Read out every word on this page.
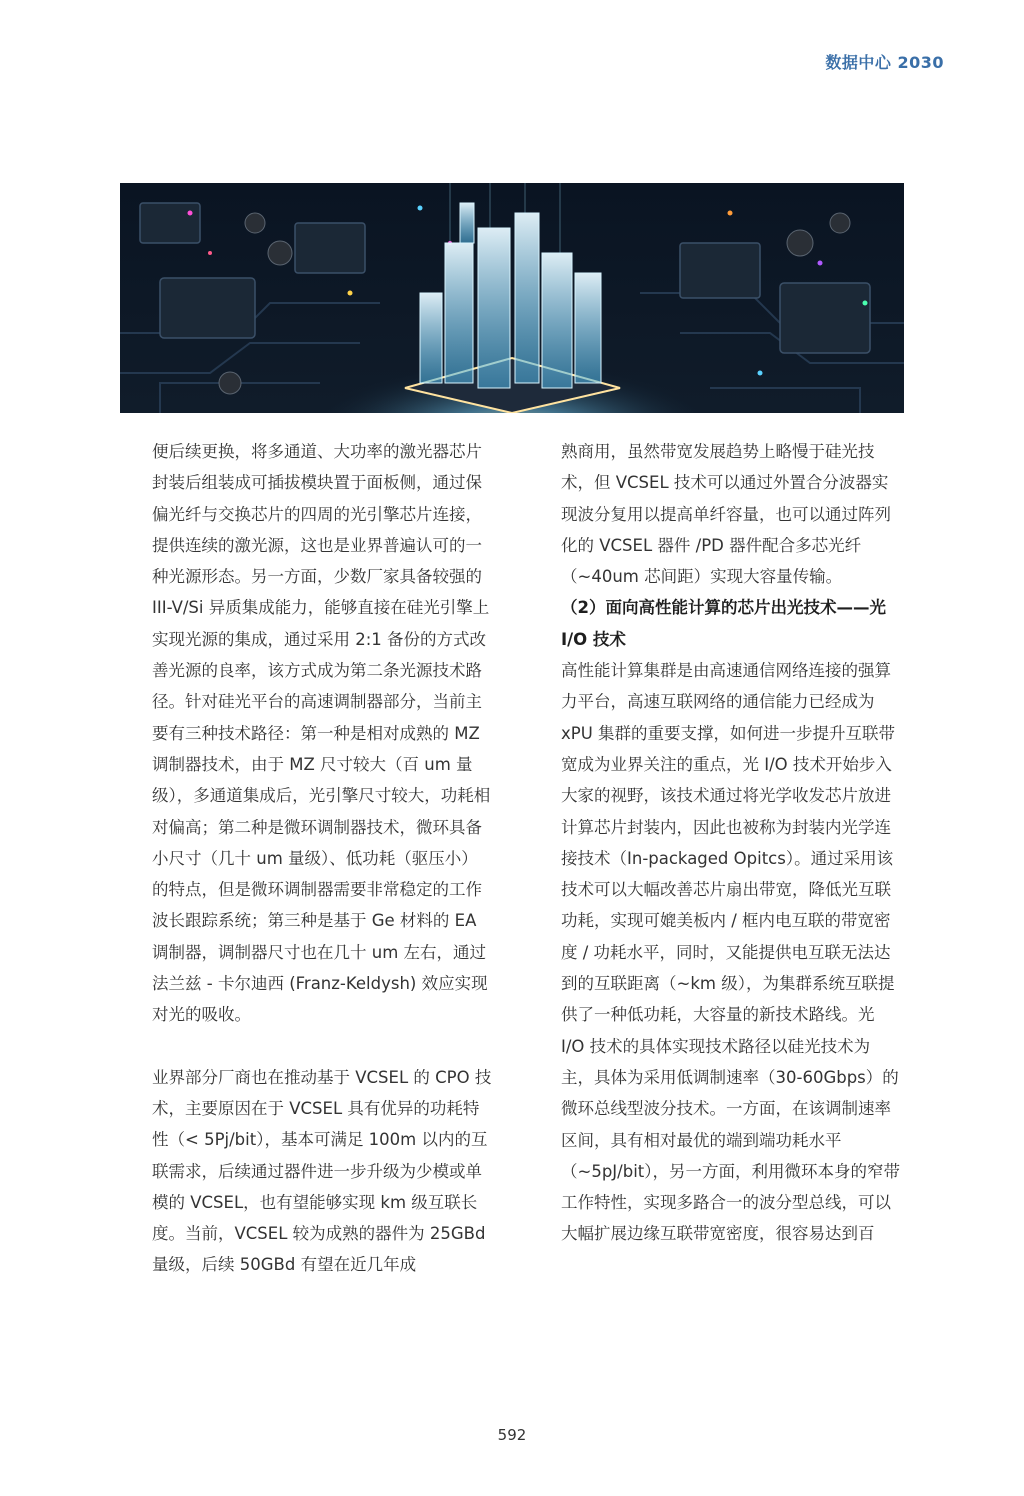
数据中心 2030

便后续更换，将多通道、大功率的激光器芯片封装后组装成可插拔模块置于面板侧，通过保偏光纤与交换芯片的四周的光引擎芯片连接，提供连续的激光源，这也是业界普遍认可的一种光源形态。另一方面，少数厂家具备较强的 III-V/Si 异质集成能力，能够直接在硅光引擎上实现光源的集成，通过采用 2:1 备份的方式改善光源的良率，该方式成为第二条光源技术路径。针对硅光平台的高速调制器部分，当前主要有三种技术路径：第一种是相对成熟的 MZ 调制器技术，由于 MZ 尺寸较大（百 um 量级），多通道集成后，光引擎尺寸较大，功耗相对偏高；第二种是微环调制器技术，微环具备小尺寸（几十 um 量级）、低功耗（驱压小）的特点，但是微环调制器需要非常稳定的工作波长跟踪系统；第三种是基于 Ge 材料的 EA 调制器，调制器尺寸也在几十 um 左右，通过法兰兹 - 卡尔迪西 (Franz-Keldysh) 效应实现对光的吸收。

业界部分厂商也在推动基于 VCSEL 的 CPO 技术，主要原因在于 VCSEL 具有优异的功耗特性（< 5Pj/bit），基本可满足 100m 以内的互联需求，后续通过器件进一步升级为少模或单模的 VCSEL，也有望能够实现 km 级互联长度。当前，VCSEL 较为成熟的器件为 25GBd 量级，后续 50GBd 有望在近几年成

熟商用，虽然带宽发展趋势上略慢于硅光技术，但 VCSEL 技术可以通过外置合分波器实现波分复用以提高单纤容量，也可以通过阵列化的 VCSEL 器件 /PD 器件配合多芯光纤（~40um 芯间距）实现大容量传输。

（2）面向高性能计算的芯片出光技术——光 I/O 技术

高性能计算集群是由高速通信网络连接的强算力平台，高速互联网络的通信能力已经成为 xPU 集群的重要支撑，如何进一步提升互联带宽成为业界关注的重点，光 I/O 技术开始步入大家的视野，该技术通过将光学收发芯片放进计算芯片封装内，因此也被称为封装内光学连接技术（In-packaged Opitcs）。通过采用该技术可以大幅改善芯片扇出带宽，降低光互联功耗，实现可媲美板内 / 框内电互联的带宽密度 / 功耗水平，同时，又能提供电互联无法达到的互联距离（~km 级），为集群系统互联提供了一种低功耗，大容量的新技术路线。光 I/O 技术的具体实现技术路径以硅光技术为主，具体为采用低调制速率（30-60Gbps）的微环总线型波分技术。一方面，在该调制速率区间，具有相对最优的端到端功耗水平（~5pJ/bit），另一方面，利用微环本身的窄带工作特性，实现多路合一的波分型总线，可以大幅扩展边缘互联带宽密度，很容易达到百

592
